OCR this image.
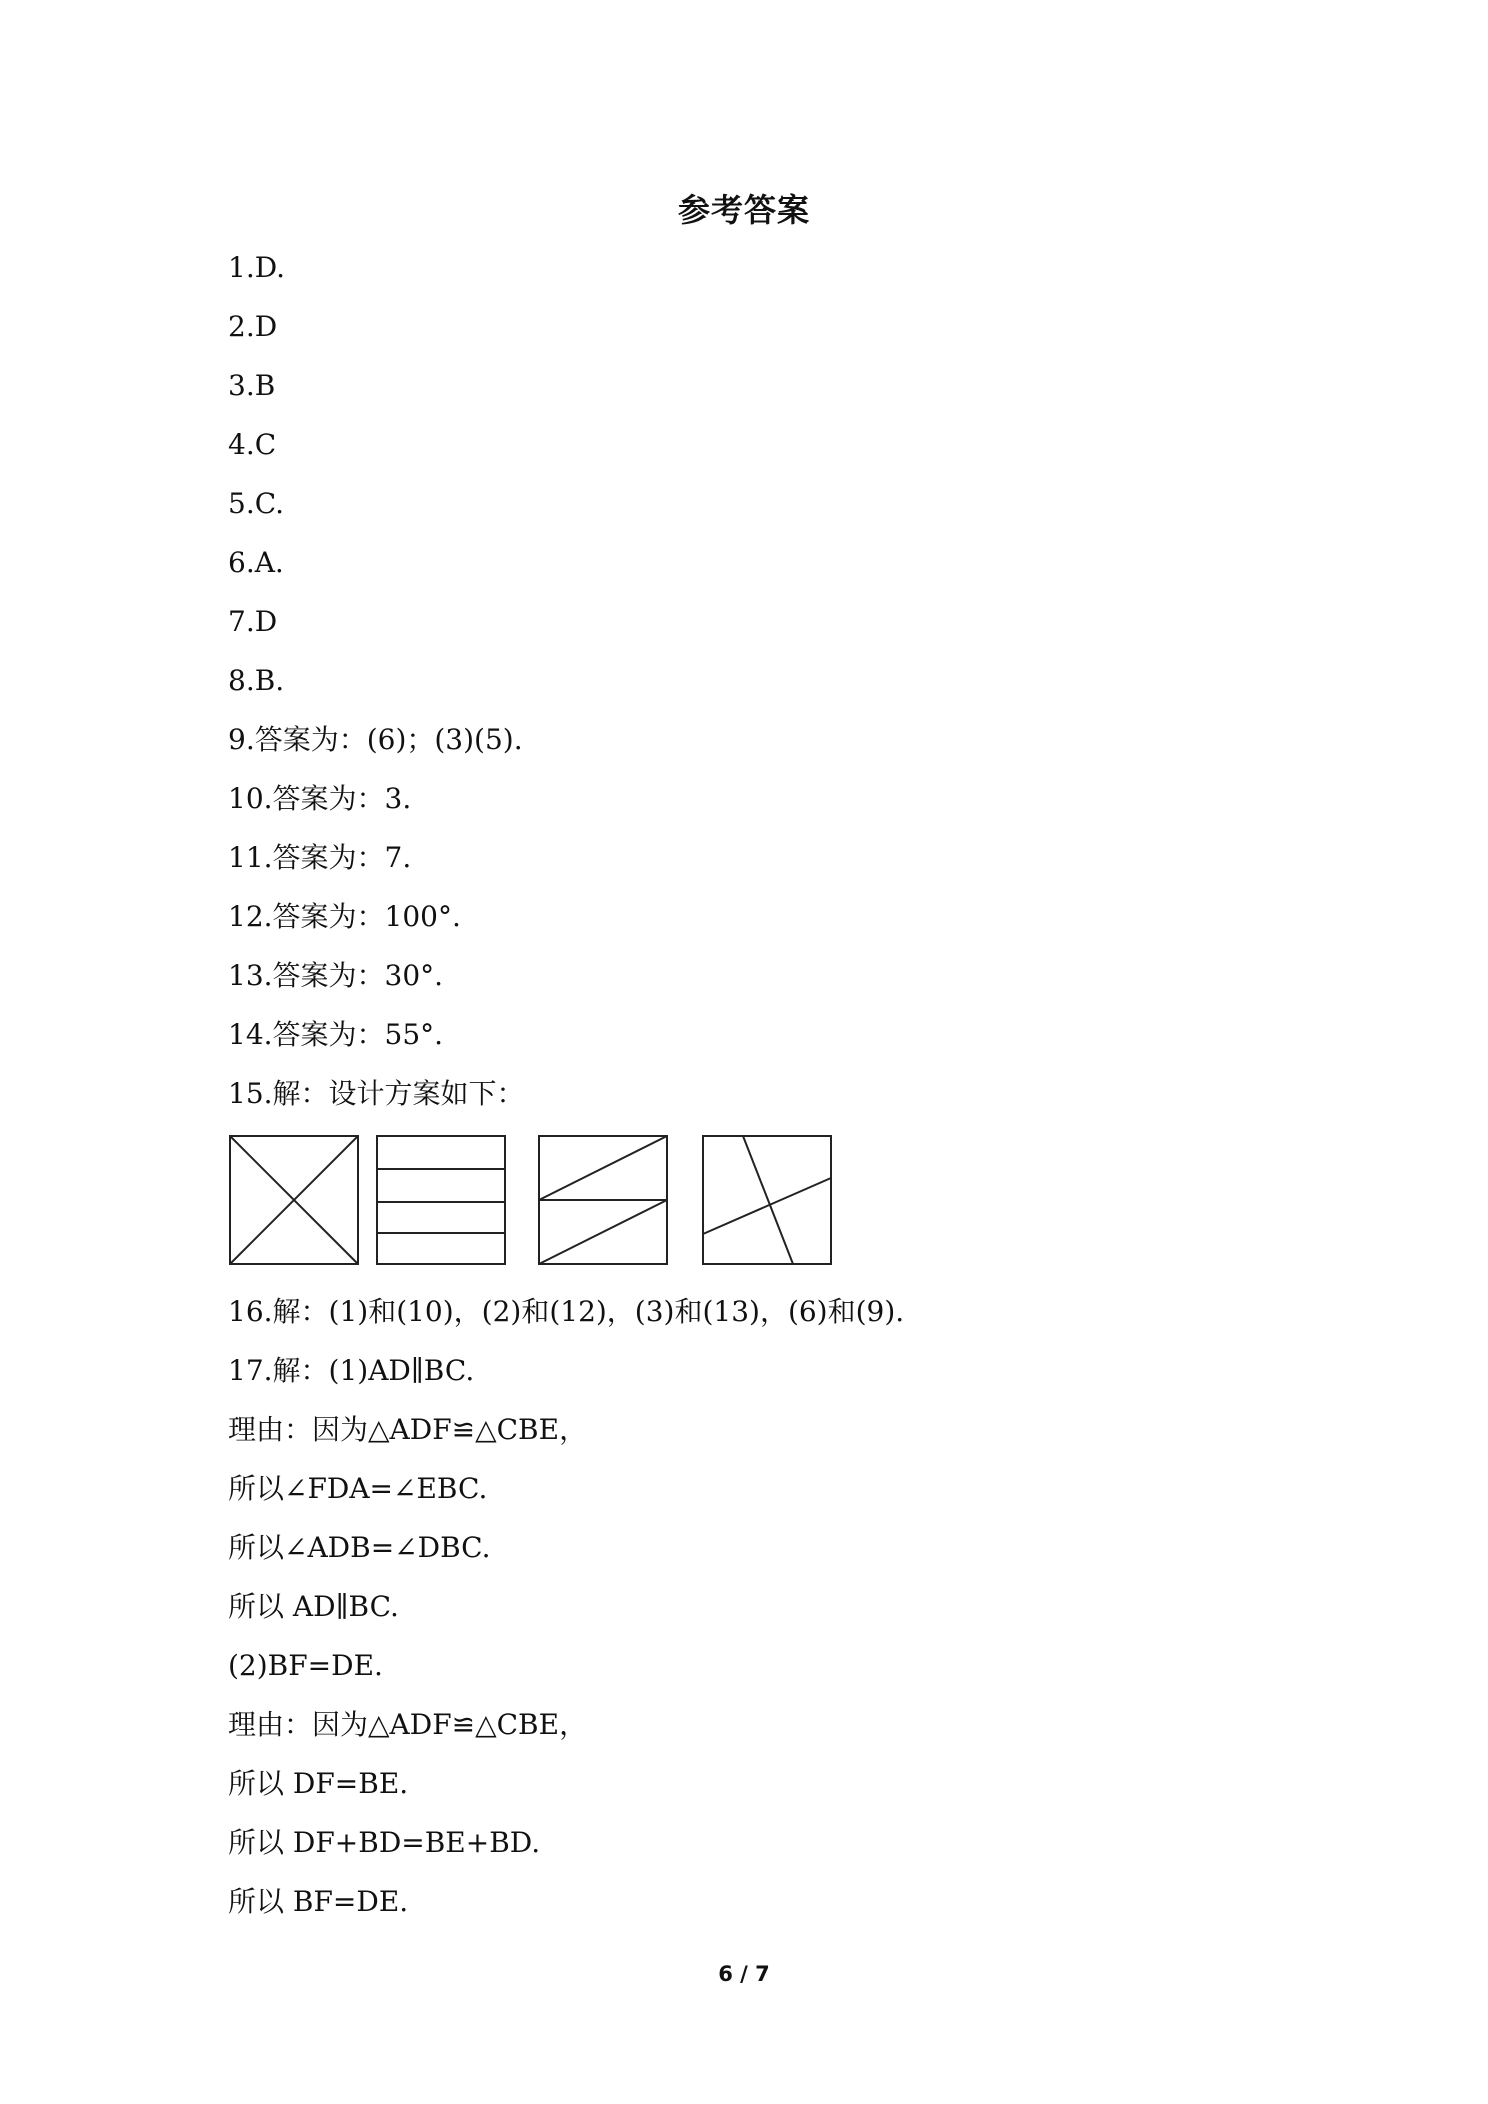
参考答案
1.D.
2.D
3.B
4.C
5.C.
6.A.
7.D
8.B.
9.答案为：(6)；(3)(5).
10.答案为：3.
11.答案为：7.
12.答案为：100°.
13.答案为：30°.
14.答案为：55°.
15.解：设计方案如下：
16.解：(1)和(10)，(2)和(12)，(3)和(13)，(6)和(9).
17.解：(1)AD∥BC.
理由：因为△ADF≌△CBE，
所以∠FDA=∠EBC.
所以∠ADB=∠DBC.
所以 AD∥BC.
(2)BF=DE.
理由：因为△ADF≌△CBE，
所以 DF=BE.
所以 DF+BD=BE+BD.
所以 BF=DE.
6 / 7
